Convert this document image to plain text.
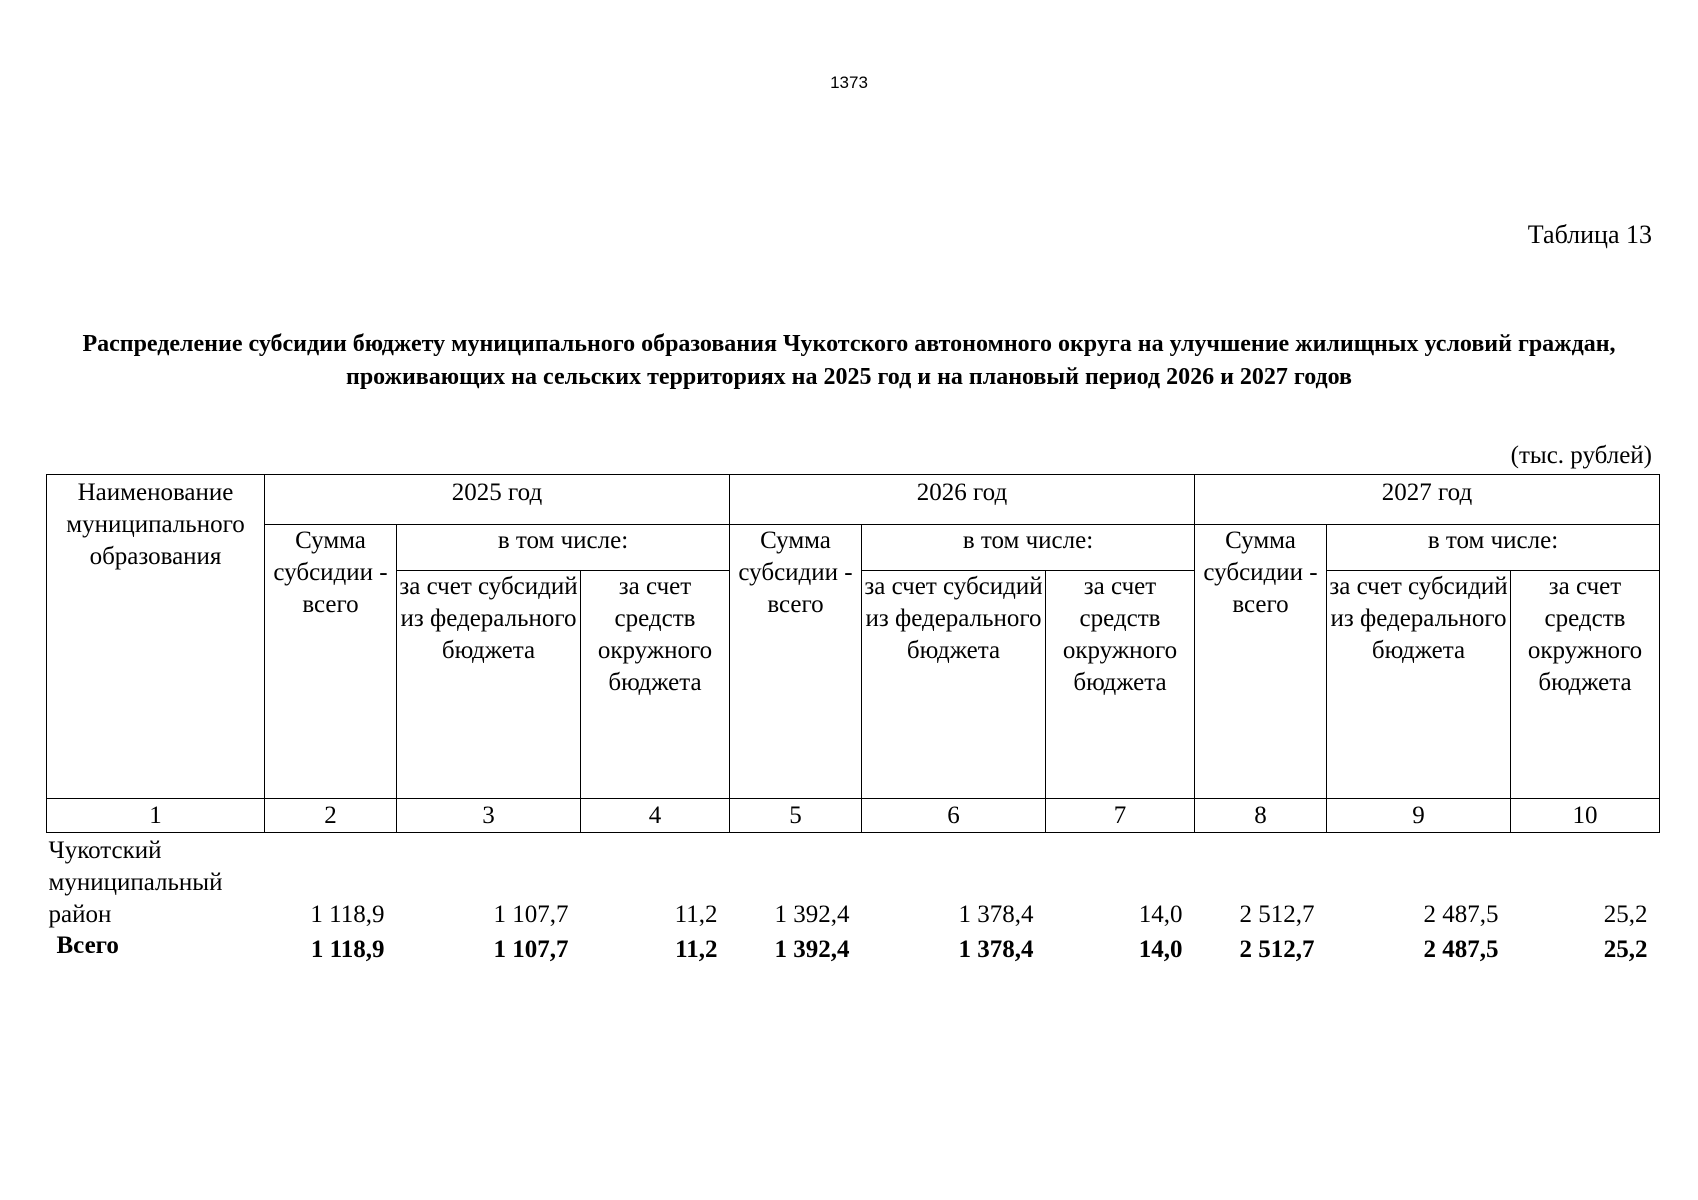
1373
Таблица 13
Распределение субсидии бюджету муниципального образования Чукотского автономного округа на улучшение жилищных условий граждан, проживающих на сельских территориях на 2025 год и на плановый период 2026 и 2027 годов
(тыс. рублей)
Наименование муниципального образования	2025 год			2026 год			2027 год		
	Сумма субсидии - всего	в том числе:		Сумма субсидии - всего	в том числе:		Сумма субсидии - всего	в том числе:	
		за счет субсидий из федерального бюджета	за счет средств окружного бюджета		за счет субсидий из федерального бюджета	за счет средств окружного бюджета		за счет субсидий из федерального бюджета	за счет средств окружного бюджета
1	2	3	4	5	6	7	8	9	10
Чукотский муниципальный район	1 118,9	1 107,7	11,2	1 392,4	1 378,4	14,0	2 512,7	2 487,5	25,2
Всего	1 118,9	1 107,7	11,2	1 392,4	1 378,4	14,0	2 512,7	2 487,5	25,2
